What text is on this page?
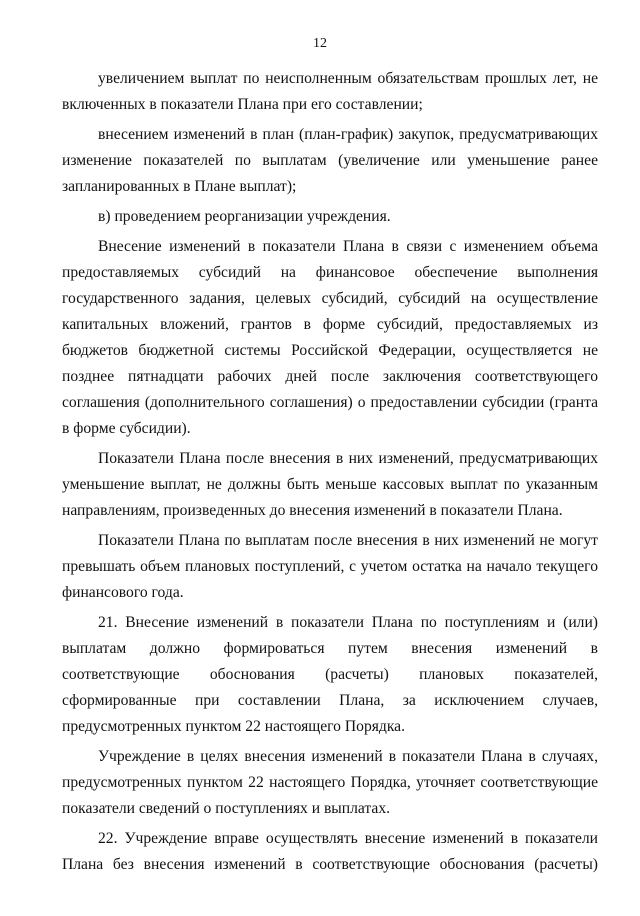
12

увеличением выплат по неисполненным обязательствам прошлых лет, не включенных в показатели Плана при его составлении;

внесением изменений в план (план-график) закупок, предусматривающих изменение показателей по выплатам (увеличение или уменьшение ранее запланированных в Плане выплат);

в) проведением реорганизации учреждения.

Внесение изменений в показатели Плана в связи с изменением объема предоставляемых субсидий на финансовое обеспечение выполнения государственного задания, целевых субсидий, субсидий на осуществление капитальных вложений, грантов в форме субсидий, предоставляемых из бюджетов бюджетной системы Российской Федерации, осуществляется не позднее пятнадцати рабочих дней после заключения соответствующего соглашения (дополнительного соглашения) о предоставлении субсидии (гранта в форме субсидии).

Показатели Плана после внесения в них изменений, предусматривающих уменьшение выплат, не должны быть меньше кассовых выплат по указанным направлениям, произведенных до внесения изменений в показатели Плана.

Показатели Плана по выплатам после внесения в них изменений не могут превышать объем плановых поступлений, с учетом остатка на начало текущего финансового года.

21. Внесение изменений в показатели Плана по поступлениям и (или) выплатам должно формироваться путем внесения изменений в соответствующие обоснования (расчеты) плановых показателей, сформированные при составлении Плана, за исключением случаев, предусмотренных пунктом 22 настоящего Порядка.

Учреждение в целях внесения изменений в показатели Плана в случаях, предусмотренных пунктом 22 настоящего Порядка, уточняет соответствующие показатели сведений о поступлениях и выплатах.

22. Учреждение вправе осуществлять внесение изменений в показатели Плана без внесения изменений в соответствующие обоснования (расчеты)
